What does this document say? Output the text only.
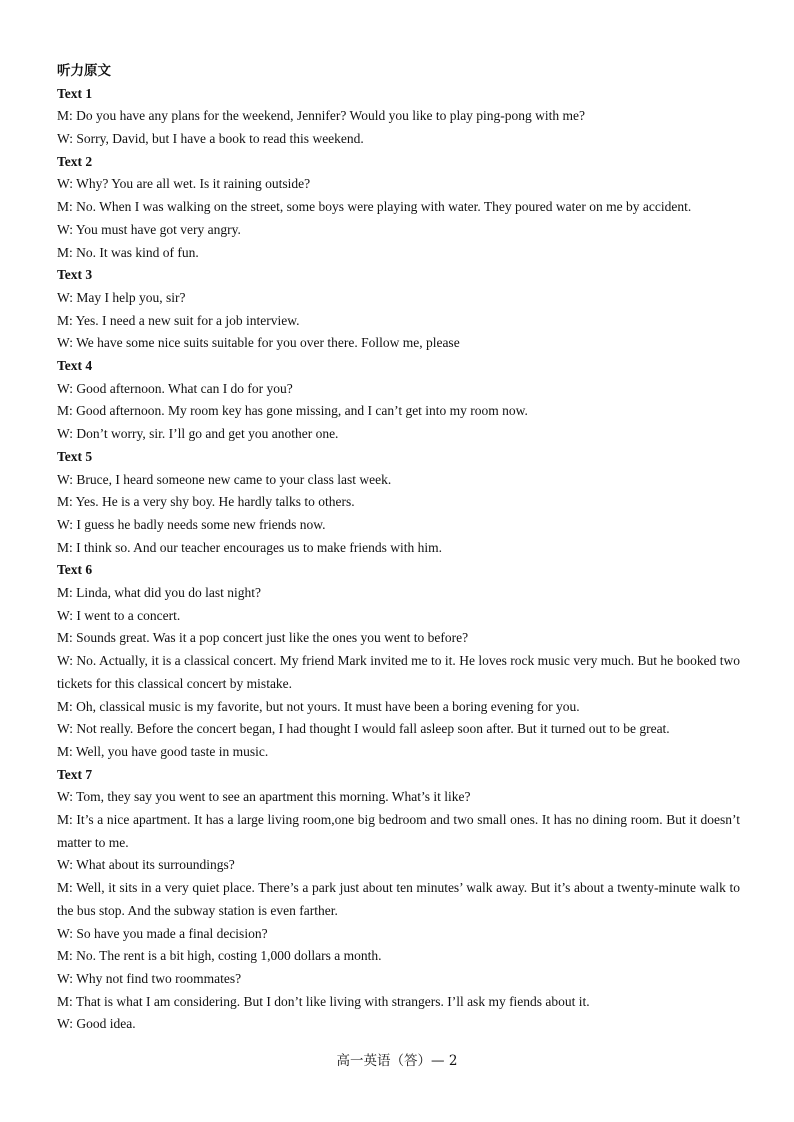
听力原文
Text 1
M: Do you have any plans for the weekend, Jennifer? Would you like to play ping-pong with me?
W: Sorry, David, but I have a book to read this weekend.
Text 2
W: Why? You are all wet. Is it raining outside?
M: No. When I was walking on the street, some boys were playing with water. They poured water on me by accident.
W: You must have got very angry.
M: No. It was kind of fun.
Text 3
W: May I help you, sir?
M: Yes. I need a new suit for a job interview.
W: We have some nice suits suitable for you over there. Follow me, please
Text 4
W: Good afternoon. What can I do for you?
M: Good afternoon. My room key has gone missing, and I can’t get into my room now.
W: Don’t worry, sir. I’ll go and get you another one.
Text 5
W: Bruce, I heard someone new came to your class last week.
M: Yes. He is a very shy boy. He hardly talks to others.
W: I guess he badly needs some new friends now.
M: I think so. And our teacher encourages us to make friends with him.
Text 6
M: Linda, what did you do last night?
W: I went to a concert.
M: Sounds great. Was it a pop concert just like the ones you went to before?
W: No. Actually, it is a classical concert. My friend Mark invited me to it. He loves rock music very much. But he booked two tickets for this classical concert by mistake.
M: Oh, classical music is my favorite, but not yours. It must have been a boring evening for you.
W: Not really. Before the concert began, I had thought I would fall asleep soon after. But it turned out to be great.
M: Well, you have good taste in music.
Text 7
W: Tom, they say you went to see an apartment this morning. What’s it like?
M: It’s a nice apartment. It has a large living room,one big bedroom and two small ones. It has no dining room. But it doesn’t matter to me.
W: What about its surroundings?
M: Well, it sits in a very quiet place. There’s a park just about ten minutes’ walk away. But it’s about a twenty-minute walk to the bus stop. And the subway station is even farther.
W: So have you made a final decision?
M: No. The rent is a bit high, costing 1,000 dollars a month.
W: Why not find two roommates?
M: That is what I am considering. But I don’t like living with strangers. I’ll ask my fiends about it.
W: Good idea.
高一英语（答）— 2
